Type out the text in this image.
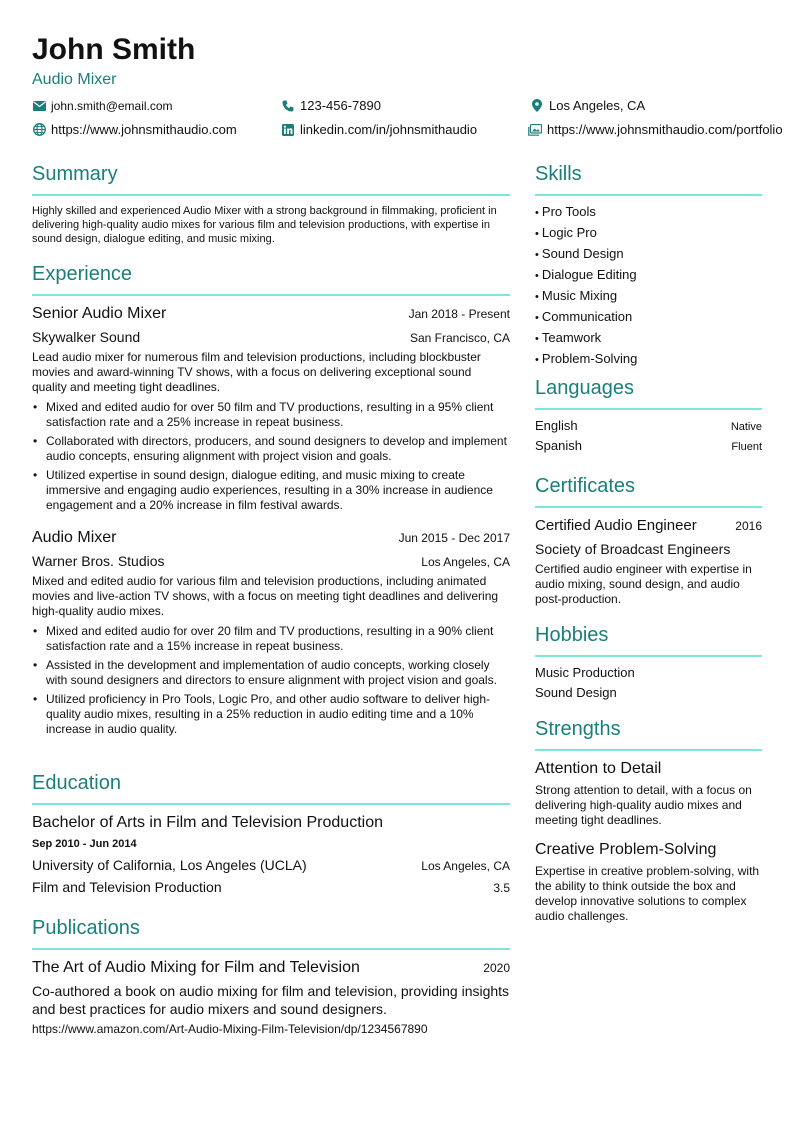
John Smith
Audio Mixer
john.smith@email.com	123-456-7890	Los Angeles, CA
https://www.johnsmithaudio.com	linkedin.com/in/johnsmithaudio	https://www.johnsmithaudio.com/portfolio
Summary
Highly skilled and experienced Audio Mixer with a strong background in filmmaking, proficient in delivering high-quality audio mixes for various film and television productions, with expertise in sound design, dialogue editing, and music mixing.
Experience
Senior Audio Mixer	Jan 2018 - Present
Skywalker Sound	San Francisco, CA
Lead audio mixer for numerous film and television productions, including blockbuster movies and award-winning TV shows, with a focus on delivering exceptional sound quality and meeting tight deadlines.
• Mixed and edited audio for over 50 film and TV productions, resulting in a 95% client satisfaction rate and a 25% increase in repeat business.
• Collaborated with directors, producers, and sound designers to develop and implement audio concepts, ensuring alignment with project vision and goals.
• Utilized expertise in sound design, dialogue editing, and music mixing to create immersive and engaging audio experiences, resulting in a 30% increase in audience engagement and a 20% increase in film festival awards.
Audio Mixer	Jun 2015 - Dec 2017
Warner Bros. Studios	Los Angeles, CA
Mixed and edited audio for various film and television productions, including animated movies and live-action TV shows, with a focus on meeting tight deadlines and delivering high-quality audio mixes.
• Mixed and edited audio for over 20 film and TV productions, resulting in a 90% client satisfaction rate and a 15% increase in repeat business.
• Assisted in the development and implementation of audio concepts, working closely with sound designers and directors to ensure alignment with project vision and goals.
• Utilized proficiency in Pro Tools, Logic Pro, and other audio software to deliver high-quality audio mixes, resulting in a 25% reduction in audio editing time and a 10% increase in audio quality.
Education
Bachelor of Arts in Film and Television Production
Sep 2010 - Jun 2014
University of California, Los Angeles (UCLA)	Los Angeles, CA
Film and Television Production	3.5
Publications
The Art of Audio Mixing for Film and Television	2020
Co-authored a book on audio mixing for film and television, providing insights and best practices for audio mixers and sound designers.
https://www.amazon.com/Art-Audio-Mixing-Film-Television/dp/1234567890
Skills
• Pro Tools
• Logic Pro
• Sound Design
• Dialogue Editing
• Music Mixing
• Communication
• Teamwork
• Problem-Solving
Languages
English	Native
Spanish	Fluent
Certificates
Certified Audio Engineer	2016
Society of Broadcast Engineers
Certified audio engineer with expertise in audio mixing, sound design, and audio post-production.
Hobbies
Music Production
Sound Design
Strengths
Attention to Detail
Strong attention to detail, with a focus on delivering high-quality audio mixes and meeting tight deadlines.
Creative Problem-Solving
Expertise in creative problem-solving, with the ability to think outside the box and develop innovative solutions to complex audio challenges.
